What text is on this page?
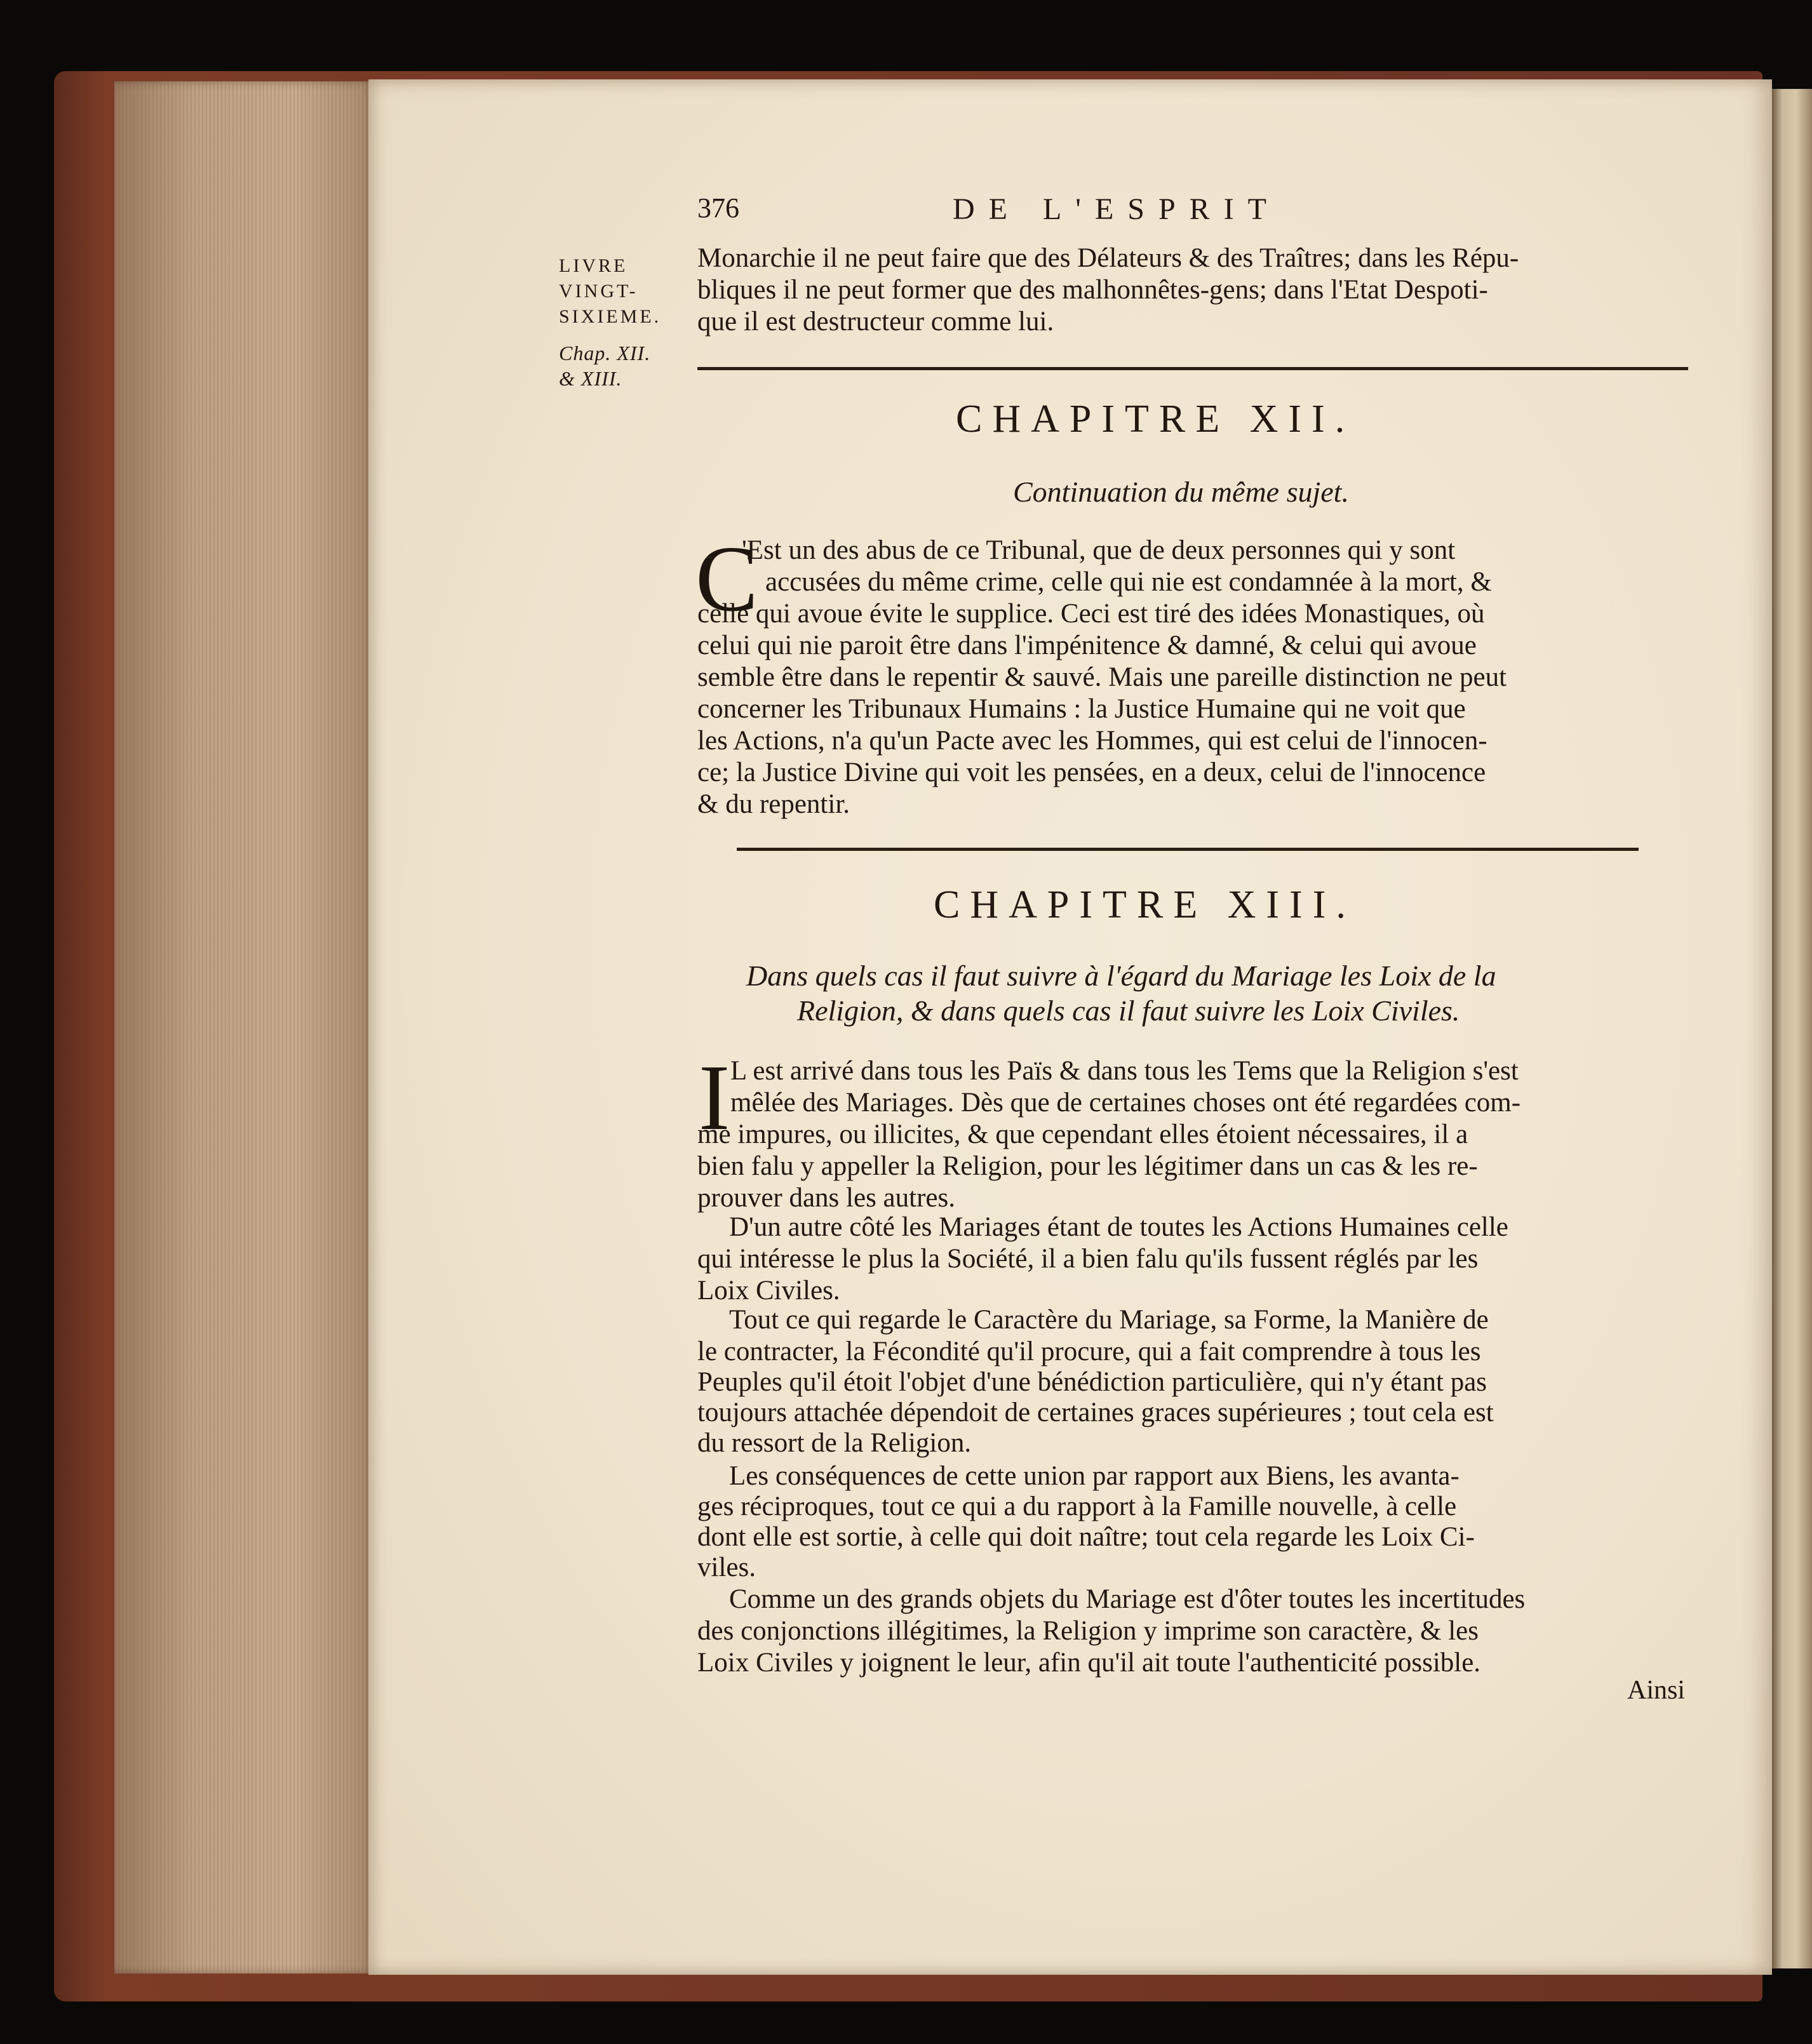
376	DE L'ESPRIT
LIVRE
VINGT-
SIXIEME.
Chap. XII.
& XIII.
Monarchie il ne peut faire que des Délateurs & des Traîtres; dans les Répu-
bliques il ne peut former que des malhonnêtes-gens; dans l'Etat Despoti-
que il est destructeur comme lui.
CHAPITRE XII.
Continuation du même sujet.
C
'Est un des abus de ce Tribunal, que de deux personnes qui y sont
accusées du même crime, celle qui nie est condamnée à la mort, &
celle qui avoue évite le supplice. Ceci est tiré des idées Monastiques, où
celui qui nie paroit être dans l'impénitence & damné, & celui qui avoue
semble être dans le repentir & sauvé. Mais une pareille distinction ne peut
concerner les Tribunaux Humains : la Justice Humaine qui ne voit que
les Actions, n'a qu'un Pacte avec les Hommes, qui est celui de l'innocen-
ce; la Justice Divine qui voit les pensées, en a deux, celui de l'innocence
& du repentir.
CHAPITRE XIII.
Dans quels cas il faut suivre à l'égard du Mariage les Loix de la
Religion, & dans quels cas il faut suivre les Loix Civiles.
I L est arrivé dans tous les Païs & dans tous les Tems que la Religion s'est
mêlée des Mariages. Dès que de certaines choses ont été regardées com-
me impures, ou illicites, & que cependant elles étoient nécessaires, il a
bien falu y appeller la Religion, pour les légitimer dans un cas & les re-
prouver dans les autres.
D'un autre côté les Mariages étant de toutes les Actions Humaines celle
qui intéresse le plus la Société, il a bien falu qu'ils fussent réglés par les
Loix Civiles.
Tout ce qui regarde le Caractère du Mariage, sa Forme, la Manière de
le contracter, la Fécondité qu'il procure, qui a fait comprendre à tous les
Peuples qu'il étoit l'objet d'une bénédiction particulière, qui n'y étant pas
toujours attachée dépendoit de certaines graces supérieures ; tout cela est
du ressort de la Religion.
Les conséquences de cette union par rapport aux Biens, les avanta-
ges réciproques, tout ce qui a du rapport à la Famille nouvelle, à celle
dont elle est sortie, à celle qui doit naître; tout cela regarde les Loix Ci-
viles.
Comme un des grands objets du Mariage est d'ôter toutes les incertitudes
des conjonctions illégitimes, la Religion y imprime son caractère, & les
Loix Civiles y joignent le leur, afin qu'il ait toute l'authenticité possible.
Ainsi
